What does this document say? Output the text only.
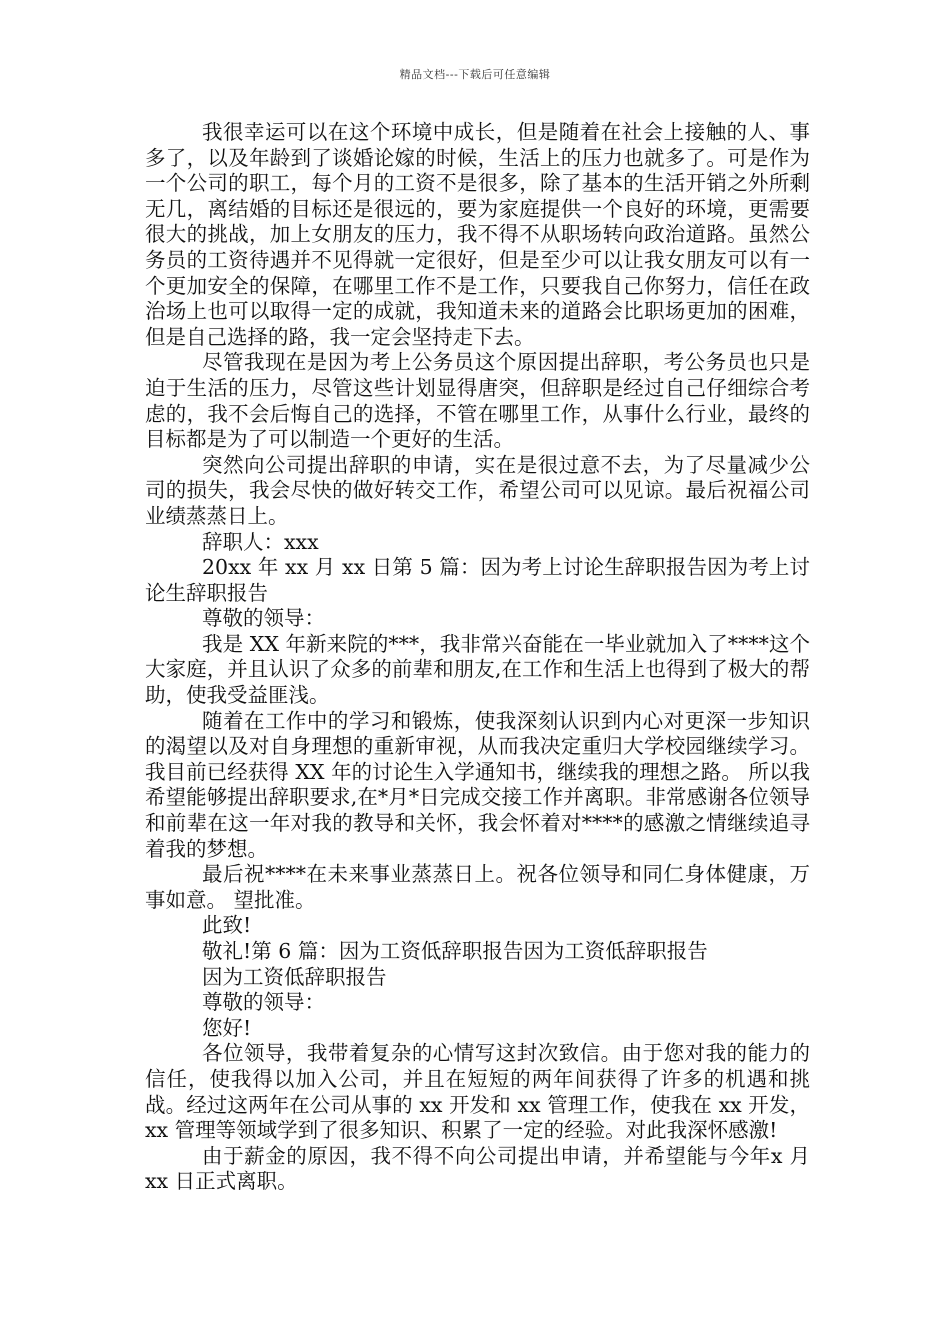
精品文档---下载后可任意编辑

我很幸运可以在这个环境中成长，但是随着在社会上接触的人、事多了，以及年龄到了谈婚论嫁的时候，生活上的压力也就多了。可是作为一个公司的职工，每个月的工资不是很多，除了基本的生活开销之外所剩无几，离结婚的目标还是很远的，要为家庭提供一个良好的环境，更需要很大的挑战，加上女朋友的压力，我不得不从职场转向政治道路。虽然公务员的工资待遇并不见得就一定很好，但是至少可以让我女朋友可以有一个更加安全的保障，在哪里工作不是工作，只要我自己你努力，信任在政治场上也可以取得一定的成就，我知道未来的道路会比职场更加的困难，但是自己选择的路，我一定会坚持走下去。

尽管我现在是因为考上公务员这个原因提出辞职，考公务员也只是迫于生活的压力，尽管这些计划显得唐突，但辞职是经过自己仔细综合考虑的，我不会后悔自己的选择，不管在哪里工作，从事什么行业，最终的目标都是为了可以制造一个更好的生活。

突然向公司提出辞职的申请，实在是很过意不去，为了尽量减少公司的损失，我会尽快的做好转交工作，希望公司可以见谅。最后祝福公司业绩蒸蒸日上。

辞职人：xxx

20xx 年 xx 月 xx 日第 5 篇：因为考上讨论生辞职报告因为考上讨论生辞职报告

尊敬的领导：

我是 XX 年新来院的***，我非常兴奋能在一毕业就加入了****这个大家庭，并且认识了众多的前辈和朋友,在工作和生活上也得到了极大的帮助，使我受益匪浅。

随着在工作中的学习和锻炼，使我深刻认识到内心对更深一步知识的渴望以及对自身理想的重新审视，从而我决定重归大学校园继续学习。 我目前已经获得 XX 年的讨论生入学通知书，继续我的理想之路。 所以我希望能够提出辞职要求,在*月*日完成交接工作并离职。非常感谢各位领导和前辈在这一年对我的教导和关怀，我会怀着对****的感激之情继续追寻着我的梦想。

最后祝****在未来事业蒸蒸日上。祝各位领导和同仁身体健康，万事如意。 望批准。

此致!

敬礼!第 6 篇：因为工资低辞职报告因为工资低辞职报告

因为工资低辞职报告

尊敬的领导：

您好!

各位领导，我带着复杂的心情写这封次致信。由于您对我的能力的信任，使我得以加入公司，并且在短短的两年间获得了许多的机遇和挑战。经过这两年在公司从事的 xx 开发和 xx 管理工作，使我在 xx 开发，xx 管理等领域学到了很多知识、积累了一定的经验。对此我深怀感激!

由于薪金的原因，我不得不向公司提出申请，并希望能与今年x 月 xx 日正式离职。
